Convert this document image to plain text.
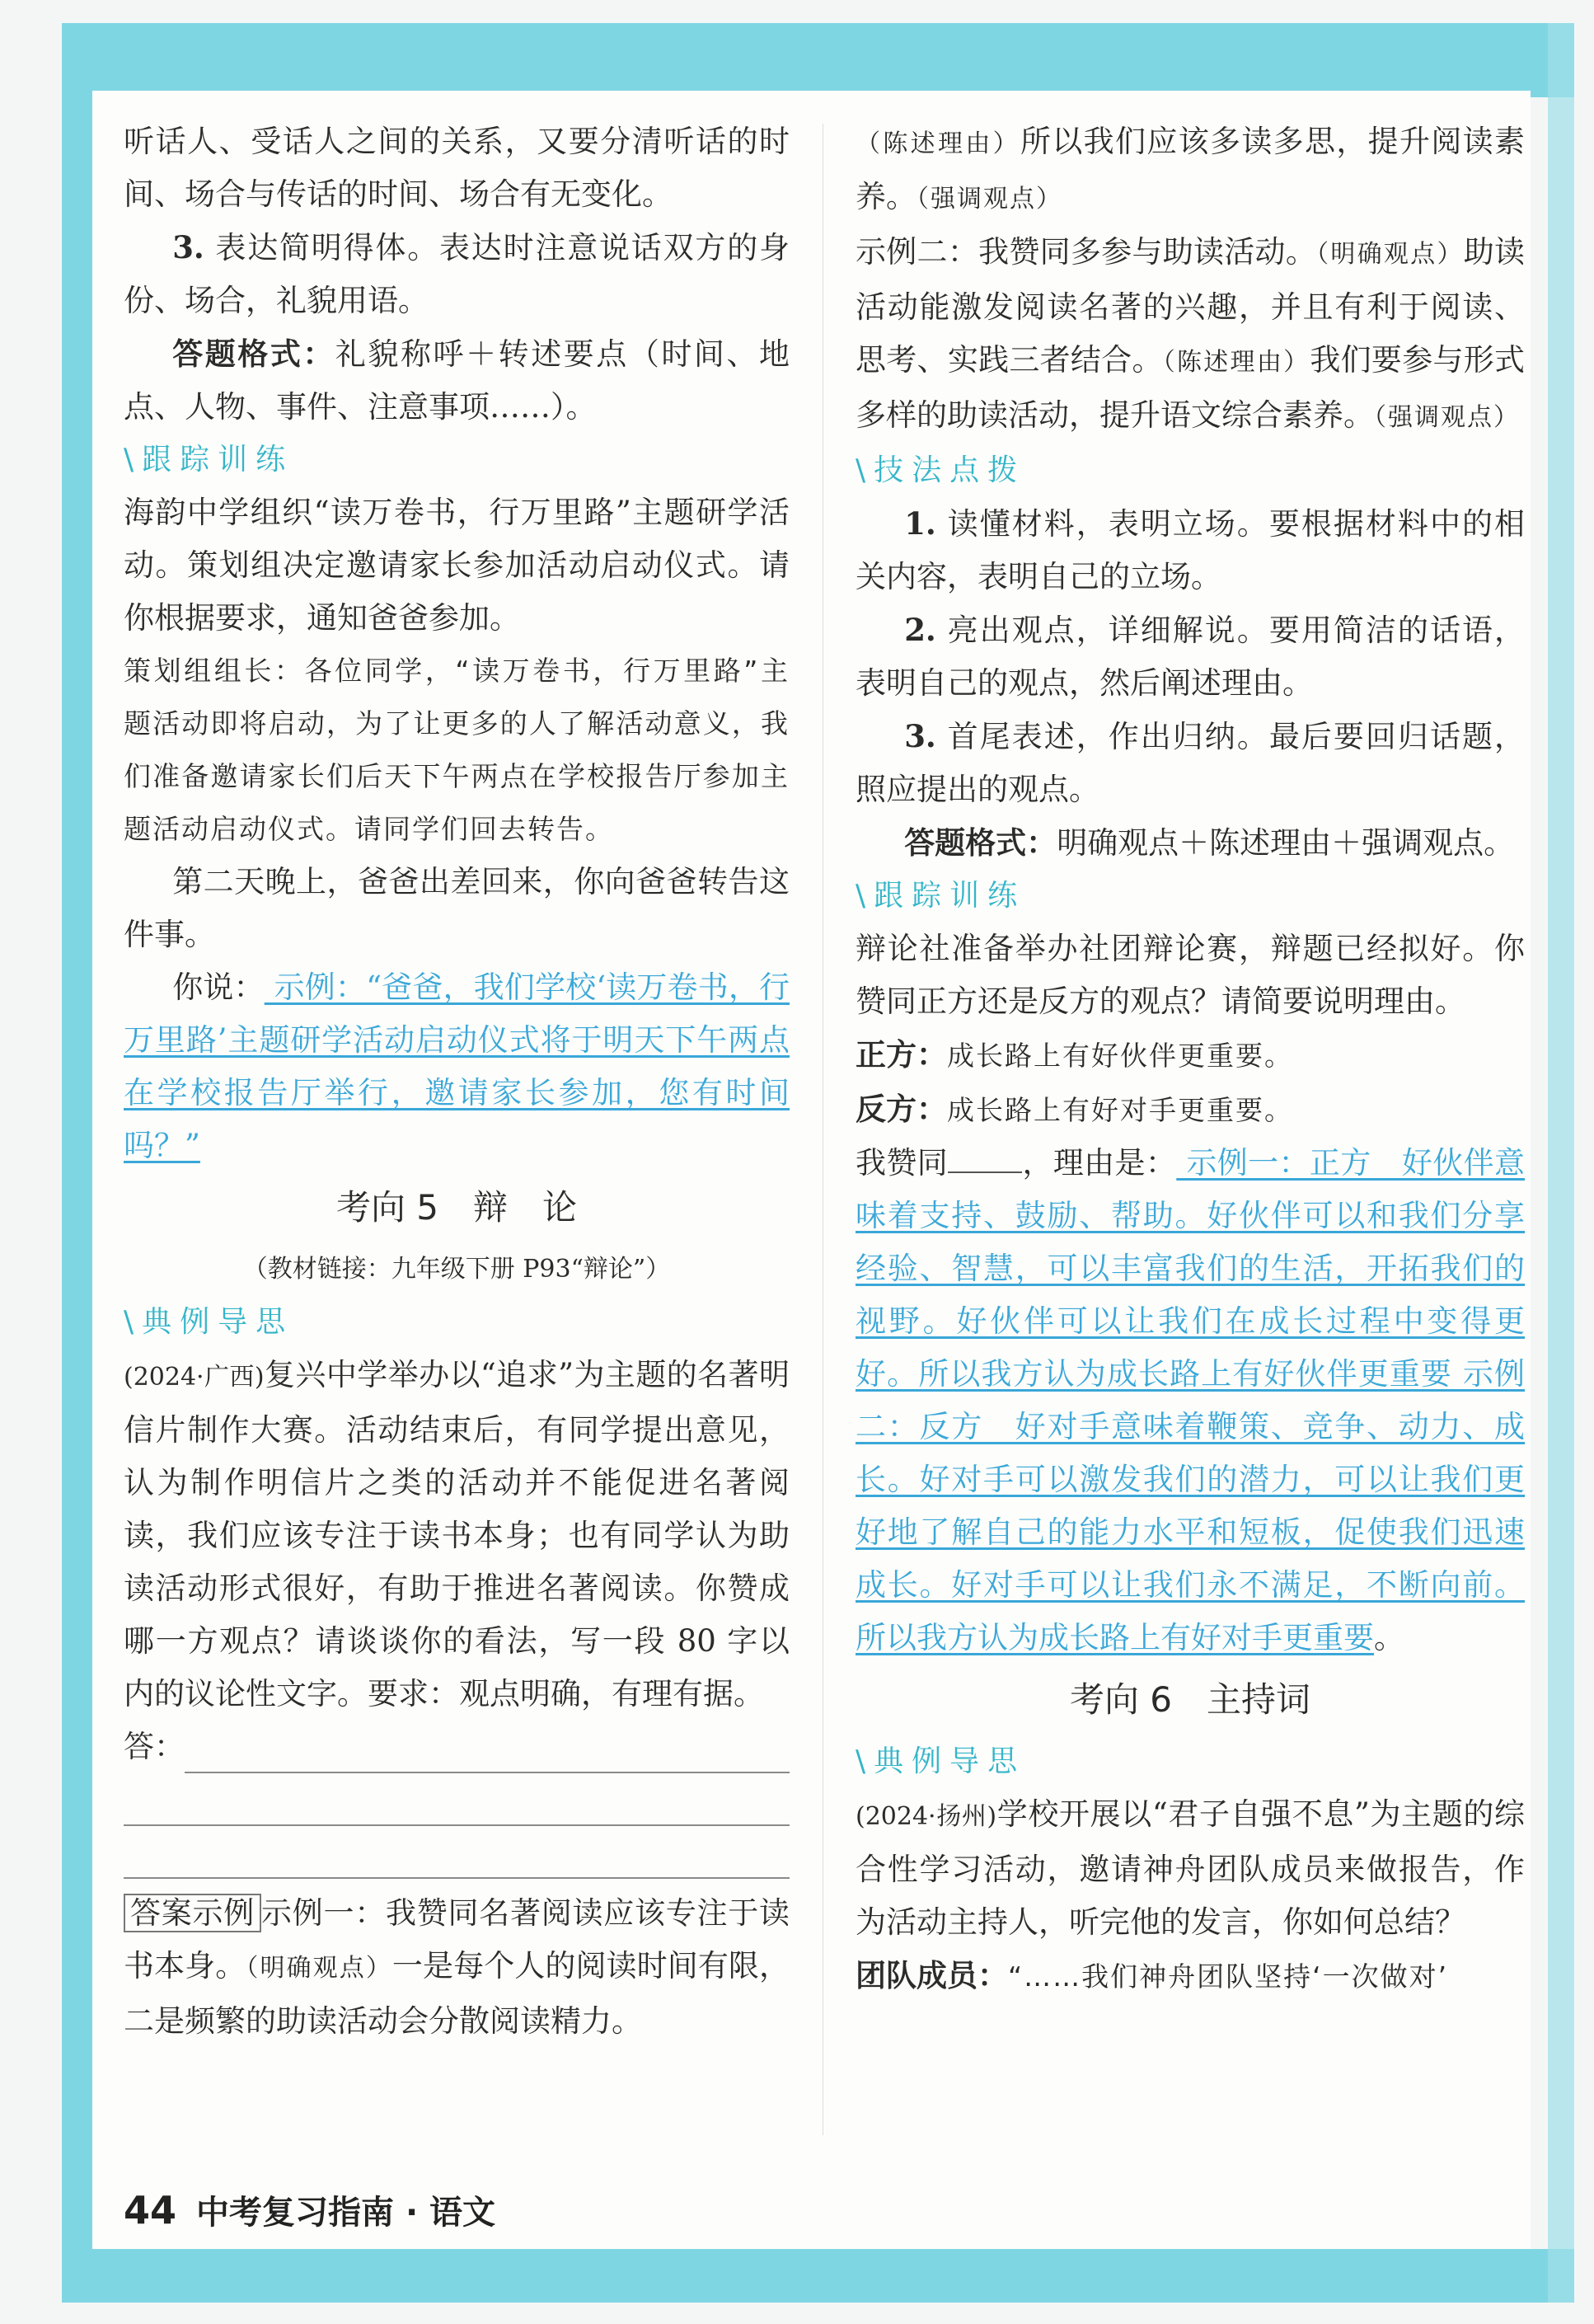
听话人、受话人之间的关系，又要分清听话的时间、场合与传话的时间、场合有无变化。

3. 表达简明得体。表达时注意说话双方的身份、场合，礼貌用语。

答题格式：礼貌称呼＋转述要点（时间、地点、人物、事件、注意事项……）。

\跟踪训练

海韵中学组织“读万卷书，行万里路”主题研学活动。策划组决定邀请家长参加活动启动仪式。请你根据要求，通知爸爸参加。

策划组组长：各位同学，“读万卷书，行万里路”主题活动即将启动，为了让更多的人了解活动意义，我们准备邀请家长们后天下午两点在学校报告厅参加主题活动启动仪式。请同学们回去转告。

第二天晚上，爸爸出差回来，你向爸爸转告这件事。

你说： 示例：“爸爸，我们学校‘读万卷书，行万里路’主题研学活动启动仪式将于明天下午两点在学校报告厅举行，邀请家长参加，您有时间吗？”

考向 5　辩　论

（教材链接：九年级下册 P93“辩论”）

\典例导思

(2024·广西)复兴中学举办以“追求”为主题的名著明信片制作大赛。活动结束后，有同学提出意见，认为制作明信片之类的活动并不能促进名著阅读，我们应该专注于读书本身；也有同学认为助读活动形式很好，有助于推进名著阅读。你赞成哪一方观点？请谈谈你的看法，写一段 80 字以内的议论性文字。要求：观点明确，有理有据。

答：

答案示例 示例一：我赞同名著阅读应该专注于读书本身。（明确观点）一是每个人的阅读时间有限，二是频繁的助读活动会分散阅读精力。

（陈述理由）所以我们应该多读多思，提升阅读素养。（强调观点）

示例二：我赞同多参与助读活动。（明确观点）助读活动能激发阅读名著的兴趣，并且有利于阅读、思考、实践三者结合。（陈述理由）我们要参与形式多样的助读活动，提升语文综合素养。（强调观点）

\技法点拨

1. 读懂材料，表明立场。要根据材料中的相关内容，表明自己的立场。

2. 亮出观点，详细解说。要用简洁的话语，表明自己的观点，然后阐述理由。

3. 首尾表述，作出归纳。最后要回归话题，照应提出的观点。

答题格式：明确观点＋陈述理由＋强调观点。

\跟踪训练

辩论社准备举办社团辩论赛，辩题已经拟好。你赞同正方还是反方的观点？请简要说明理由。

正方：成长路上有好伙伴更重要。

反方：成长路上有好对手更重要。

我赞同 ，理由是： 示例一：正方　好伙伴意味着支持、鼓励、帮助。好伙伴可以和我们分享经验、智慧，可以丰富我们的生活，开拓我们的视野。好伙伴可以让我们在成长过程中变得更好。所以我方认为成长路上有好伙伴更重要 示例二：反方　好对手意味着鞭策、竞争、动力、成长。好对手可以激发我们的潜力，可以让我们更好地了解自己的能力水平和短板，促使我们迅速成长。好对手可以让我们永不满足，不断向前。所以我方认为成长路上有好对手更重要。

考向 6　主持词

\典例导思

(2024·扬州)学校开展以“君子自强不息”为主题的综合性学习活动，邀请神舟团队成员来做报告，作为活动主持人，听完他的发言，你如何总结？

团队成员：“……我们神舟团队坚持‘一次做对’

44 中考复习指南 · 语文
